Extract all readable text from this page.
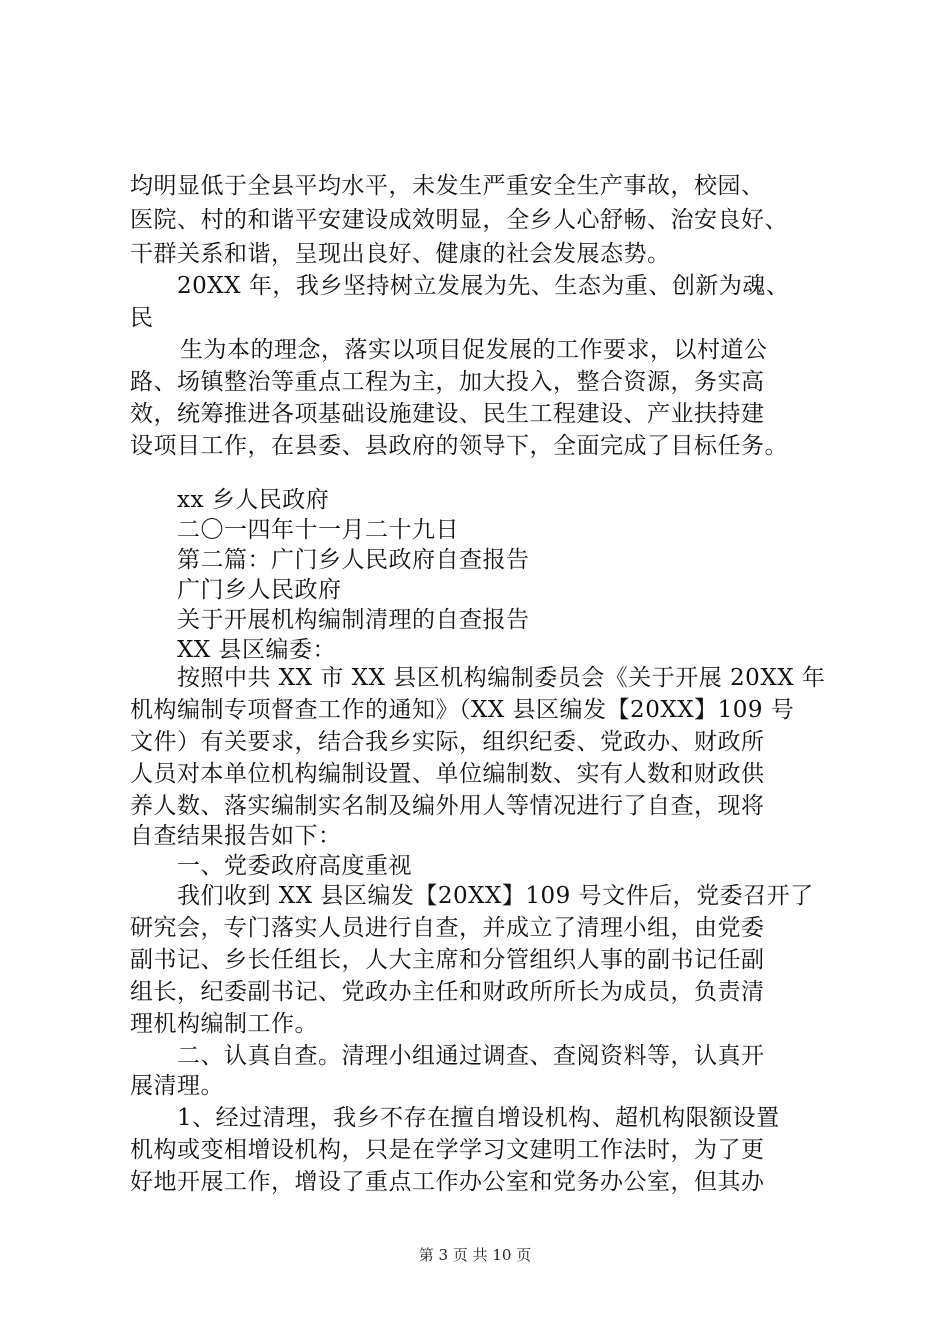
均明显低于全县平均水平，未发生严重安全生产事故，校园、
医院、村的和谐平安建设成效明显，全乡人心舒畅、治安良好、
干群关系和谐，呈现出良好、健康的社会发展态势。
20XX 年，我乡坚持树立发展为先、生态为重、创新为魂、
民
生为本的理念，落实以项目促发展的工作要求，以村道公
路、场镇整治等重点工程为主，加大投入，整合资源，务实高
效，统筹推进各项基础设施建设、民生工程建设、产业扶持建
设项目工作，在县委、县政府的领导下，全面完成了目标任务。
xx 乡人民政府
二〇一四年十一月二十九日
第二篇：广门乡人民政府自查报告
广门乡人民政府
关于开展机构编制清理的自查报告
XX 县区编委：
按照中共 XX 市 XX 县区机构编制委员会《关于开展 20XX 年
机构编制专项督查工作的通知》（XX 县区编发【20XX】109 号
文件）有关要求，结合我乡实际，组织纪委、党政办、财政所
人员对本单位机构编制设置、单位编制数、实有人数和财政供
养人数、落实编制实名制及编外用人等情况进行了自查，现将
自查结果报告如下：
一、党委政府高度重视
我们收到 XX 县区编发【20XX】109 号文件后，党委召开了
研究会，专门落实人员进行自查，并成立了清理小组，由党委
副书记、乡长任组长，人大主席和分管组织人事的副书记任副
组长，纪委副书记、党政办主任和财政所所长为成员，负责清
理机构编制工作。
二、认真自查。清理小组通过调查、查阅资料等，认真开
展清理。
1、经过清理，我乡不存在擅自增设机构、超机构限额设置
机构或变相增设机构，只是在学学习文建明工作法时，为了更
好地开展工作，增设了重点工作办公室和党务办公室，但其办
第 3 页 共 10 页
